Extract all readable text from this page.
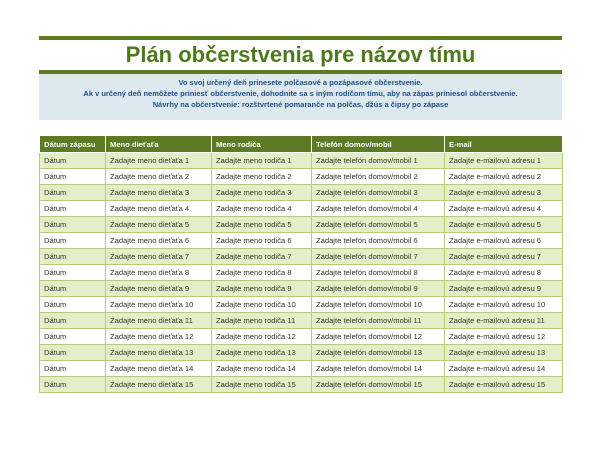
Plán občerstvenia pre názov tímu
Vo svoj určený deň prinesete polčasové a pozápasové občerstvenie.
Ak v určený deň nemôžete priniesť občerstvenie, dohodnite sa s iným rodičom tímu, aby na zápas priniesol občerstvenie.
Návrhy na občerstvenie: rozštvrtené pomaranče na polčas, džús a čipsy po zápase
Dátum zápasu	Meno dieťaťa	Meno rodiča	Telefón domov/mobil	E-mail
Dátum	Zadajte meno dieťaťa 1	Zadajte meno rodiča 1	Zadajte telefón domov/mobil 1	Zadajte e-mailovú adresu 1
Dátum	Zadajte meno dieťaťa 2	Zadajte meno rodiča 2	Zadajte telefón domov/mobil 2	Zadajte e-mailovú adresu 2
Dátum	Zadajte meno dieťaťa 3	Zadajte meno rodiča 3	Zadajte telefón domov/mobil 3	Zadajte e-mailovú adresu 3
Dátum	Zadajte meno dieťaťa 4	Zadajte meno rodiča 4	Zadajte telefón domov/mobil 4	Zadajte e-mailovú adresu 4
Dátum	Zadajte meno dieťaťa 5	Zadajte meno rodiča 5	Zadajte telefón domov/mobil 5	Zadajte e-mailovú adresu 5
Dátum	Zadajte meno dieťaťa 6	Zadajte meno rodiča 6	Zadajte telefón domov/mobil 6	Zadajte e-mailovú adresu 6
Dátum	Zadajte meno dieťaťa 7	Zadajte meno rodiča 7	Zadajte telefón domov/mobil 7	Zadajte e-mailovú adresu 7
Dátum	Zadajte meno dieťaťa 8	Zadajte meno rodiča 8	Zadajte telefón domov/mobil 8	Zadajte e-mailovú adresu 8
Dátum	Zadajte meno dieťaťa 9	Zadajte meno rodiča 9	Zadajte telefón domov/mobil 9	Zadajte e-mailovú adresu 9
Dátum	Zadajte meno dieťaťa 10	Zadajte meno rodiča 10	Zadajte telefón domov/mobil 10	Zadajte e-mailovú adresu 10
Dátum	Zadajte meno dieťaťa 11	Zadajte meno rodiča 11	Zadajte telefón domov/mobil 11	Zadajte e-mailovú adresu 11
Dátum	Zadajte meno dieťaťa 12	Zadajte meno rodiča 12	Zadajte telefón domov/mobil 12	Zadajte e-mailovú adresu 12
Dátum	Zadajte meno dieťaťa 13	Zadajte meno rodiča 13	Zadajte telefón domov/mobil 13	Zadajte e-mailovú adresu 13
Dátum	Zadajte meno dieťaťa 14	Zadajte meno rodiča 14	Zadajte telefón domov/mobil 14	Zadajte e-mailovú adresu 14
Dátum	Zadajte meno dieťaťa 15	Zadajte meno rodiča 15	Zadajte telefón domov/mobil 15	Zadajte e-mailovú adresu 15
